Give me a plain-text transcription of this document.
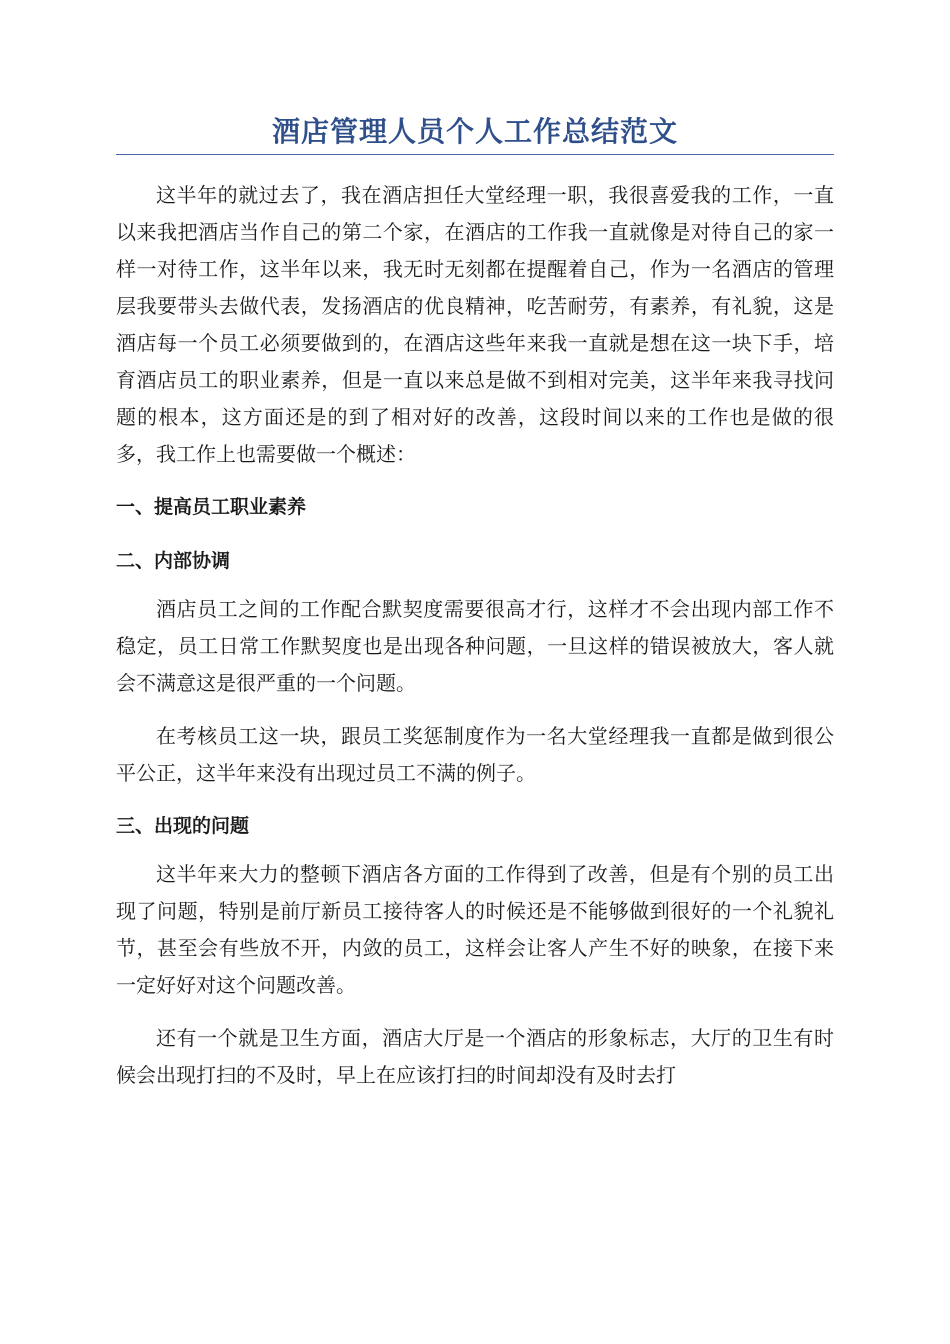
酒店管理人员个人工作总结范文

这半年的就过去了，我在酒店担任大堂经理一职，我很喜爱我的工作，一直以来我把酒店当作自己的第二个家，在酒店的工作我一直就像是对待自己的家一样一对待工作，这半年以来，我无时无刻都在提醒着自己，作为一名酒店的管理层我要带头去做代表，发扬酒店的优良精神，吃苦耐劳，有素养，有礼貌，这是酒店每一个员工必须要做到的，在酒店这些年来我一直就是想在这一块下手，培育酒店员工的职业素养，但是一直以来总是做不到相对完美，这半年来我寻找问题的根本，这方面还是的到了相对好的改善，这段时间以来的工作也是做的很多，我工作上也需要做一个概述：

一、提高员工职业素养

二、内部协调

酒店员工之间的工作配合默契度需要很高才行，这样才不会出现内部工作不稳定，员工日常工作默契度也是出现各种问题，一旦这样的错误被放大，客人就会不满意这是很严重的一个问题。

在考核员工这一块，跟员工奖惩制度作为一名大堂经理我一直都是做到很公平公正，这半年来没有出现过员工不满的例子。

三、出现的问题

这半年来大力的整顿下酒店各方面的工作得到了改善，但是有个别的员工出现了问题，特别是前厅新员工接待客人的时候还是不能够做到很好的一个礼貌礼节，甚至会有些放不开，内敛的员工，这样会让客人产生不好的映象，在接下来一定好好对这个问题改善。

还有一个就是卫生方面，酒店大厅是一个酒店的形象标志，大厅的卫生有时候会出现打扫的不及时，早上在应该打扫的时间却没有及时去打
